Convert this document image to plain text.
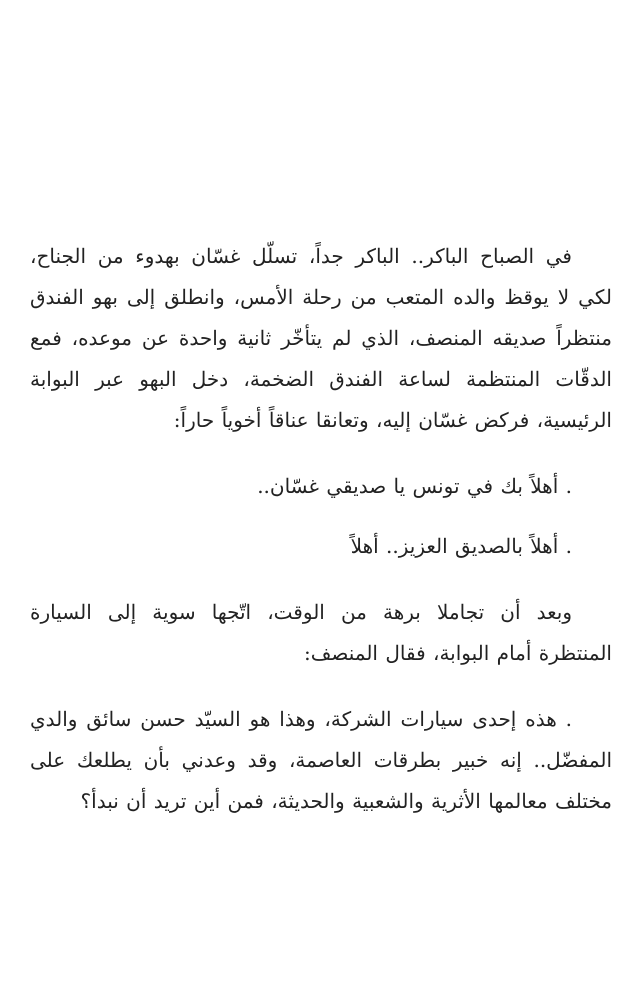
في الصباح الباكر.. الباكر جداً، تسلّل غسّان بهدوء من الجناح، لكي لا يوقظ والده المتعب من رحلة الأمس، وانطلق إلى بهو الفندق منتظراً صديقه المنصف، الذي لم يتأخّر ثانية واحدة عن موعده، فمع الدقّات المنتظمة لساعة الفندق الضخمة، دخل البهو عبر البوابة الرئيسية، فركض غسّان إليه، وتعانقا عناقاً أخوياً حاراً:

. أهلاً بك في تونس يا صديقي غسّان..

. أهلاً بالصديق العزيز.. أهلاً

وبعد أن تجاملا برهة من الوقت، اتّجها سوية إلى السيارة المنتظرة أمام البوابة، فقال المنصف:

. هذه إحدى سيارات الشركة، وهذا هو السيّد حسن سائق والدي المفضّل.. إنه خبير بطرقات العاصمة، وقد وعدني بأن يطلعك على مختلف معالمها الأثرية والشعبية والحديثة، فمن أين تريد أن نبدأ؟
